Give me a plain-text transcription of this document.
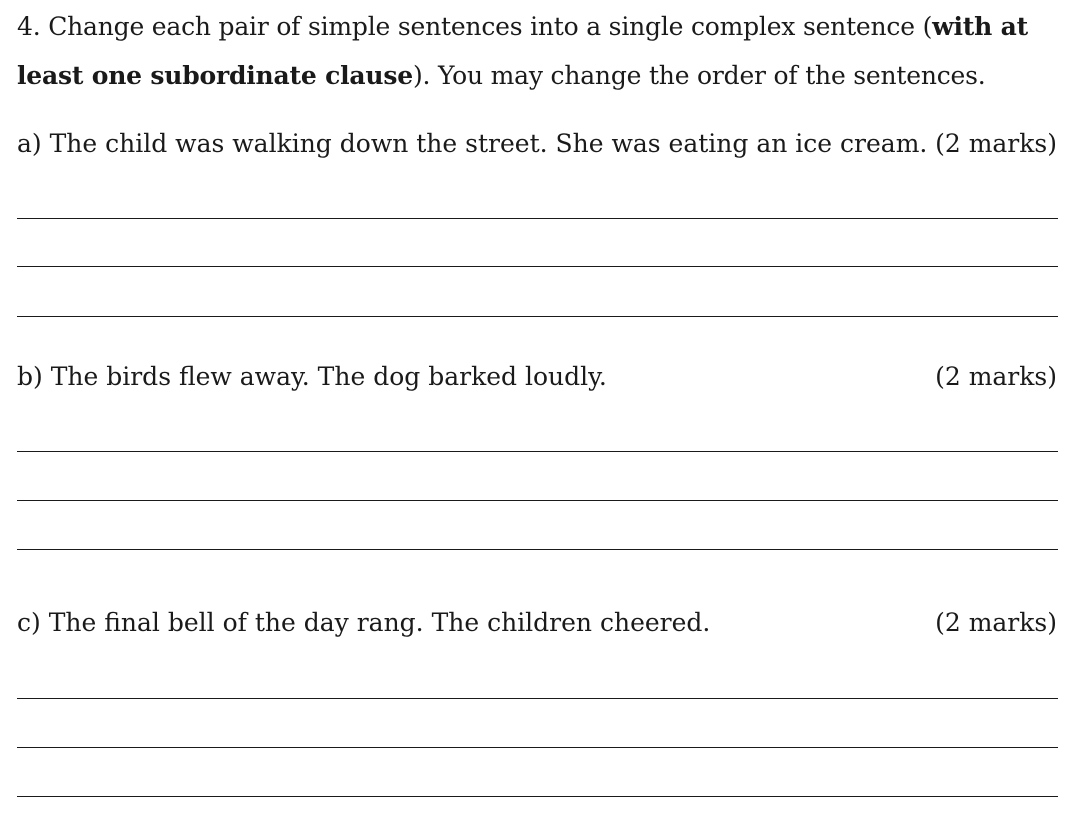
4. Change each pair of simple sentences into a single complex sentence (with at least one subordinate clause). You may change the order of the sentences.
a) The child was walking down the street. She was eating an ice cream. (2 marks)
b) The birds flew away. The dog barked loudly.	(2 marks)
c) The final bell of the day rang. The children cheered.	(2 marks)
